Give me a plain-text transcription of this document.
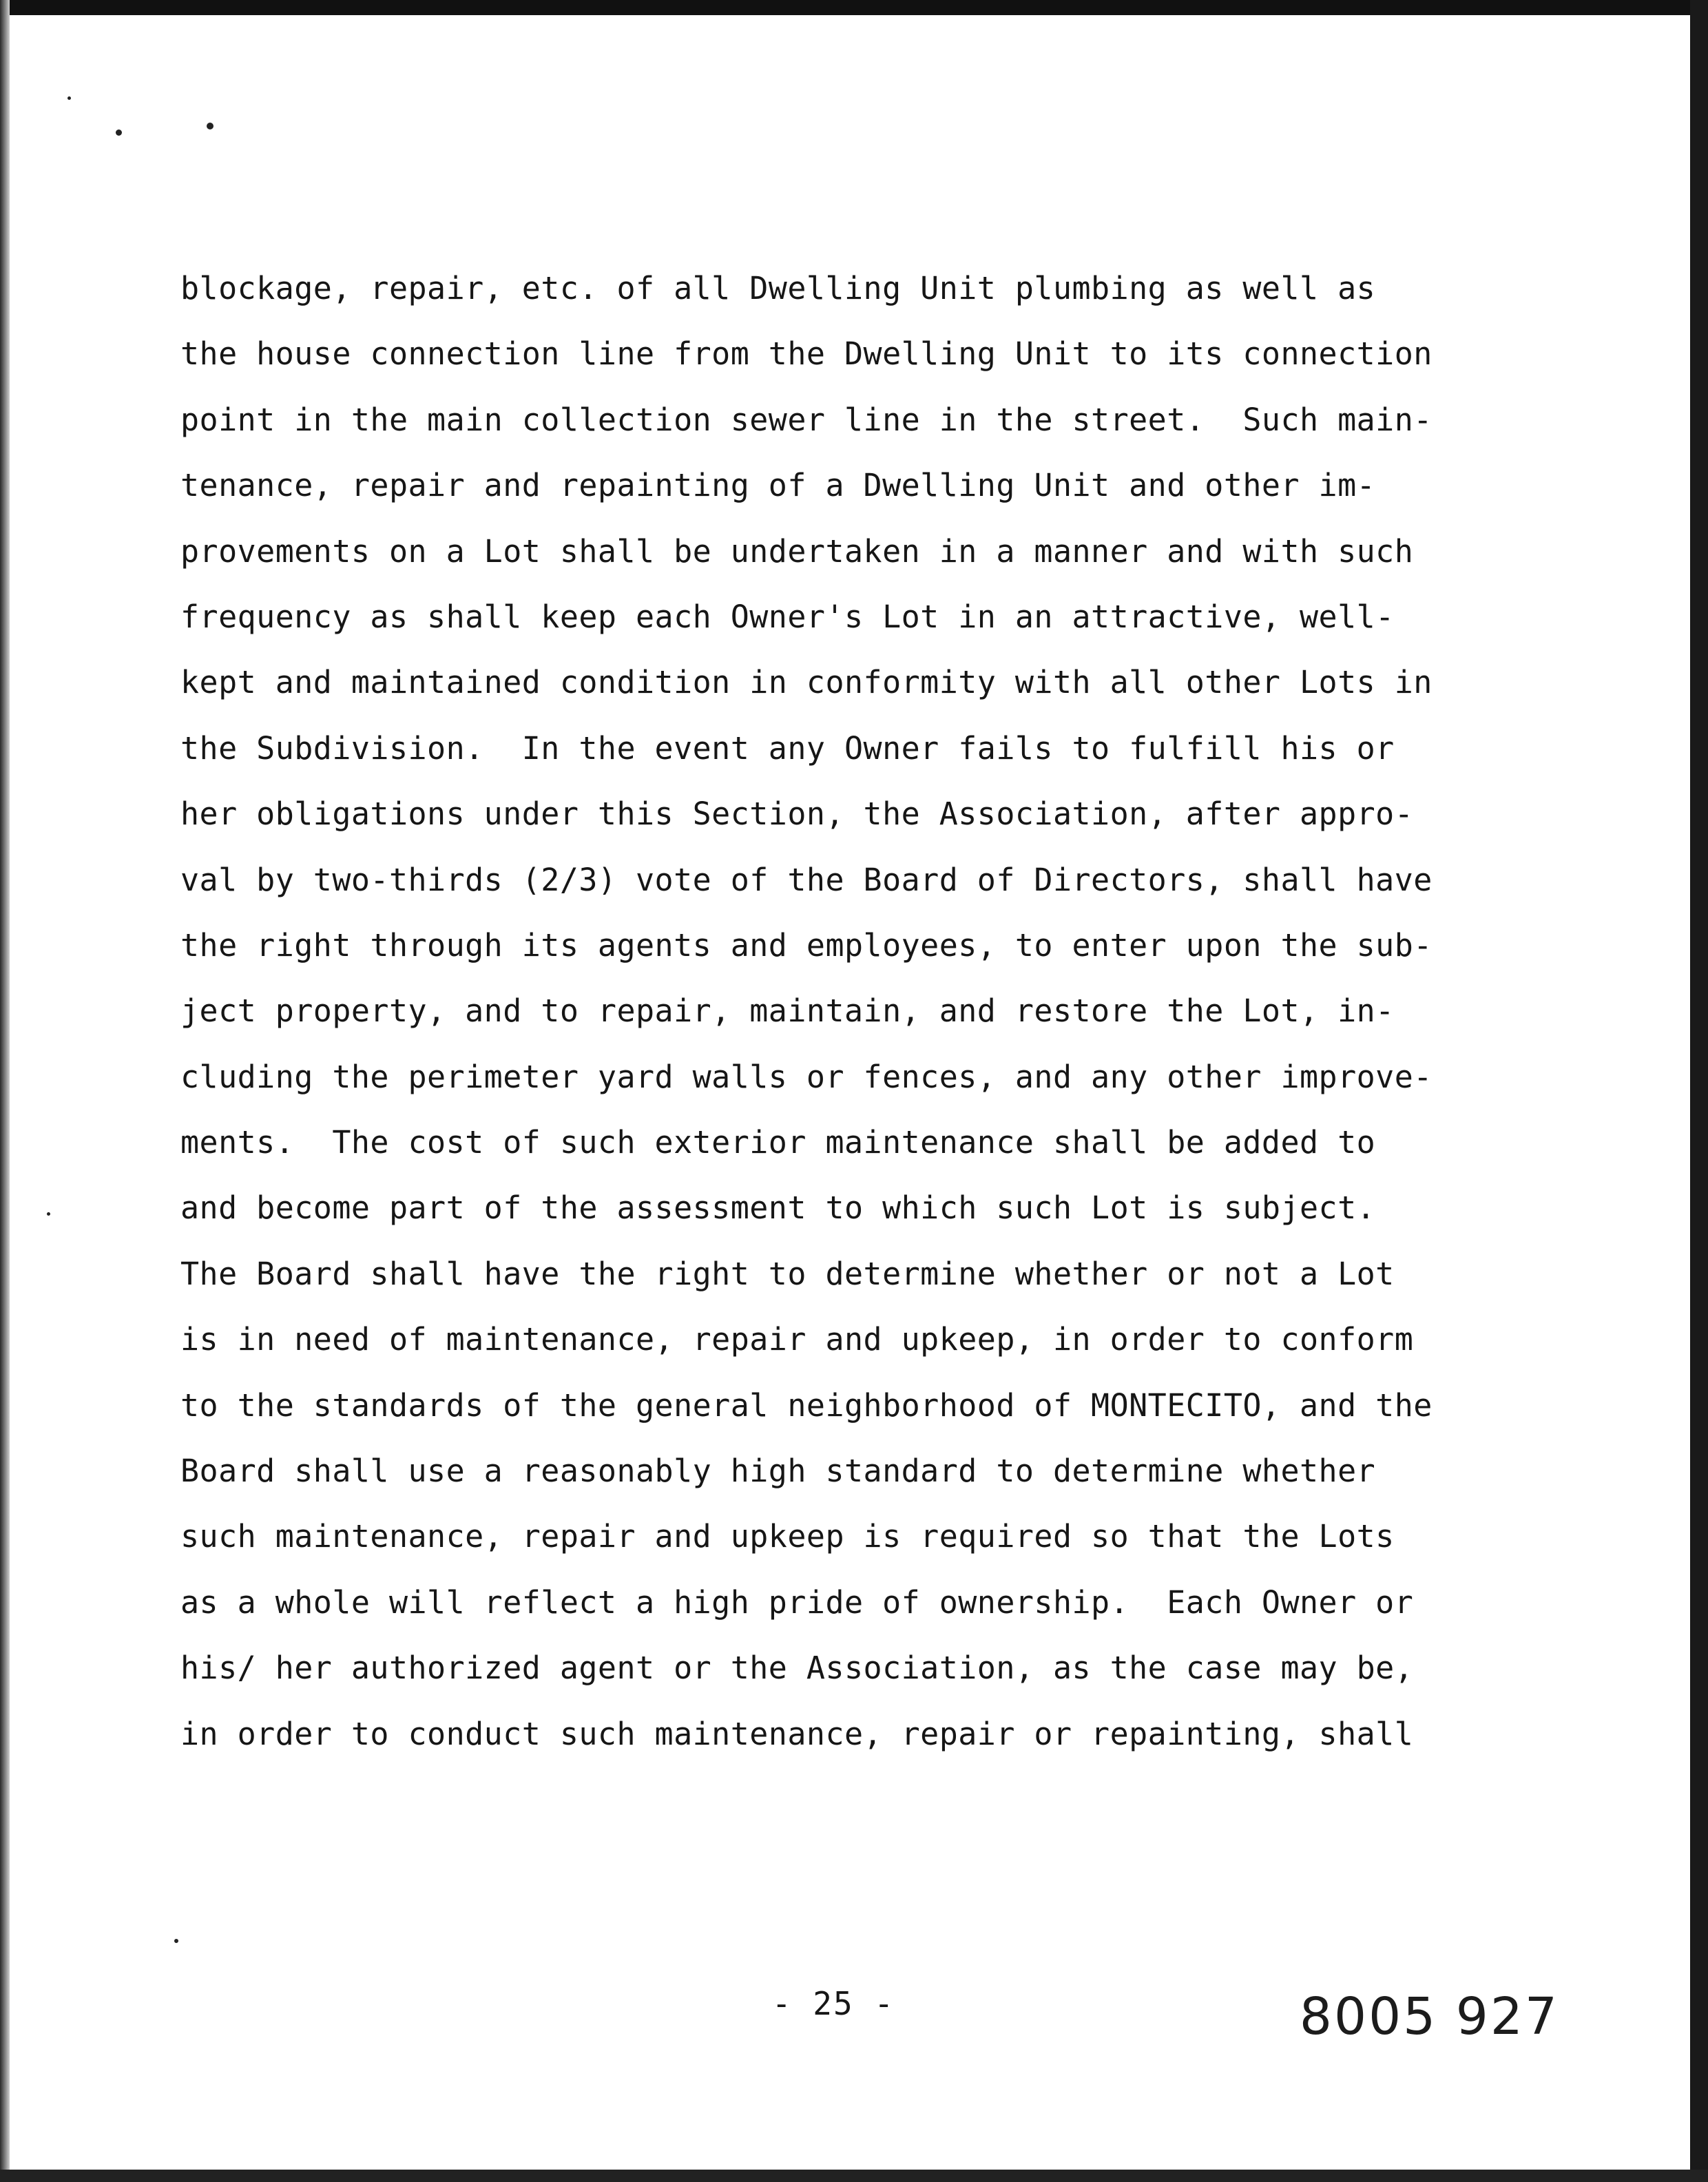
blockage, repair, etc. of all Dwelling Unit plumbing as well as
the house connection line from the Dwelling Unit to its connection
point in the main collection sewer line in the street.  Such main-
tenance, repair and repainting of a Dwelling Unit and other im-
provements on a Lot shall be undertaken in a manner and with such
frequency as shall keep each Owner's Lot in an attractive, well-
kept and maintained condition in conformity with all other Lots in
the Subdivision.  In the event any Owner fails to fulfill his or
her obligations under this Section, the Association, after appro-
val by two-thirds (2/3) vote of the Board of Directors, shall have
the right through its agents and employees, to enter upon the sub-
ject property, and to repair, maintain, and restore the Lot, in-
cluding the perimeter yard walls or fences, and any other improve-
ments.  The cost of such exterior maintenance shall be added to
and become part of the assessment to which such Lot is subject.
The Board shall have the right to determine whether or not a Lot
is in need of maintenance, repair and upkeep, in order to conform
to the standards of the general neighborhood of MONTECITO, and the
Board shall use a reasonably high standard to determine whether
such maintenance, repair and upkeep is required so that the Lots
as a whole will reflect a high pride of ownership.  Each Owner or
his/ her authorized agent or the Association, as the case may be,
in order to conduct such maintenance, repair or repainting, shall
- 25 -	8005 927
